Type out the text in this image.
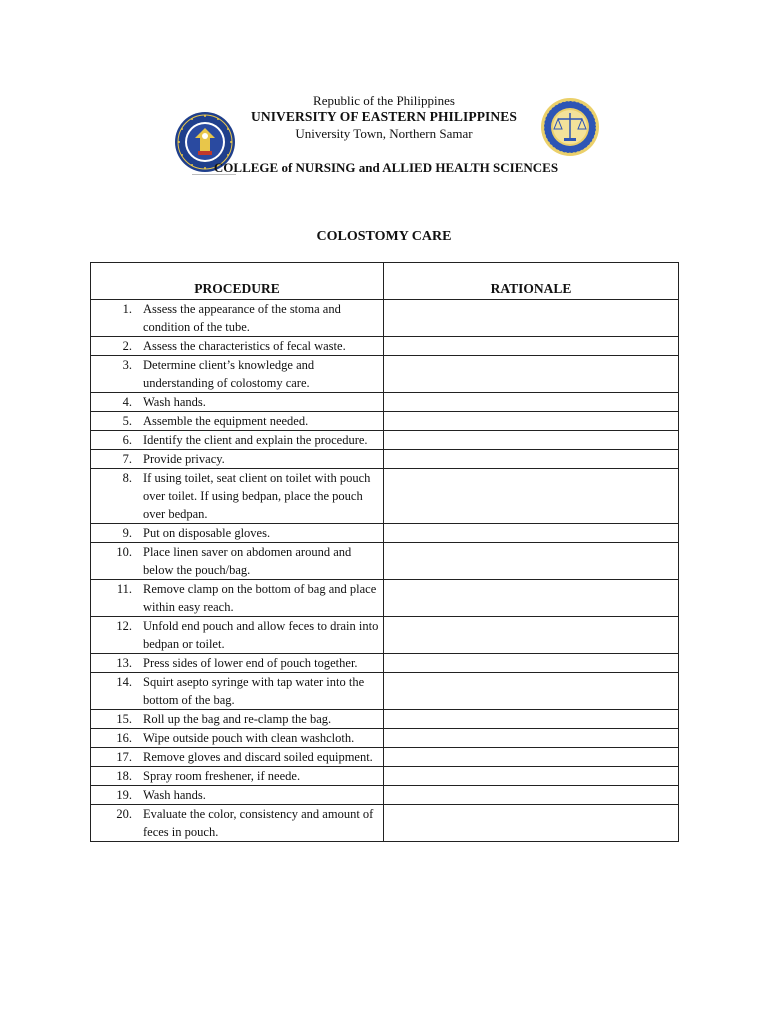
Republic of the Philippines
UNIVERSITY OF EASTERN PHILIPPINES
University Town, Northern Samar
COLLEGE of NURSING and ALLIED HEALTH SCIENCES
COLOSTOMY CARE
PROCEDURE	RATIONALE

1. Assess the appearance of the stoma and condition of the tube.	

2. Assess the characteristics of fecal waste.	

3. Determine client’s knowledge and understanding of colostomy care.	

4. Wash hands.	

5. Assemble the equipment needed.	

6. Identify the client and explain the procedure.	

7. Provide privacy.	

8. If using toilet, seat client on toilet with pouch over toilet. If using bedpan, place the pouch over bedpan.	

9. Put on disposable gloves.	

10. Place linen saver on abdomen around and below the pouch/bag.	

11. Remove clamp on the bottom of bag and place within easy reach.	

12. Unfold end pouch and allow feces to drain into bedpan or toilet.	

13. Press sides of lower end of pouch together.	

14. Squirt asepto syringe with tap water into the bottom of the bag.	

15. Roll up the bag and re-clamp the bag.	

16. Wipe outside pouch with clean washcloth.	

17. Remove gloves and discard soiled equipment.	

18. Spray room freshener, if neede.	

19. Wash hands.	

20. Evaluate the color, consistency and amount of feces in pouch.	
